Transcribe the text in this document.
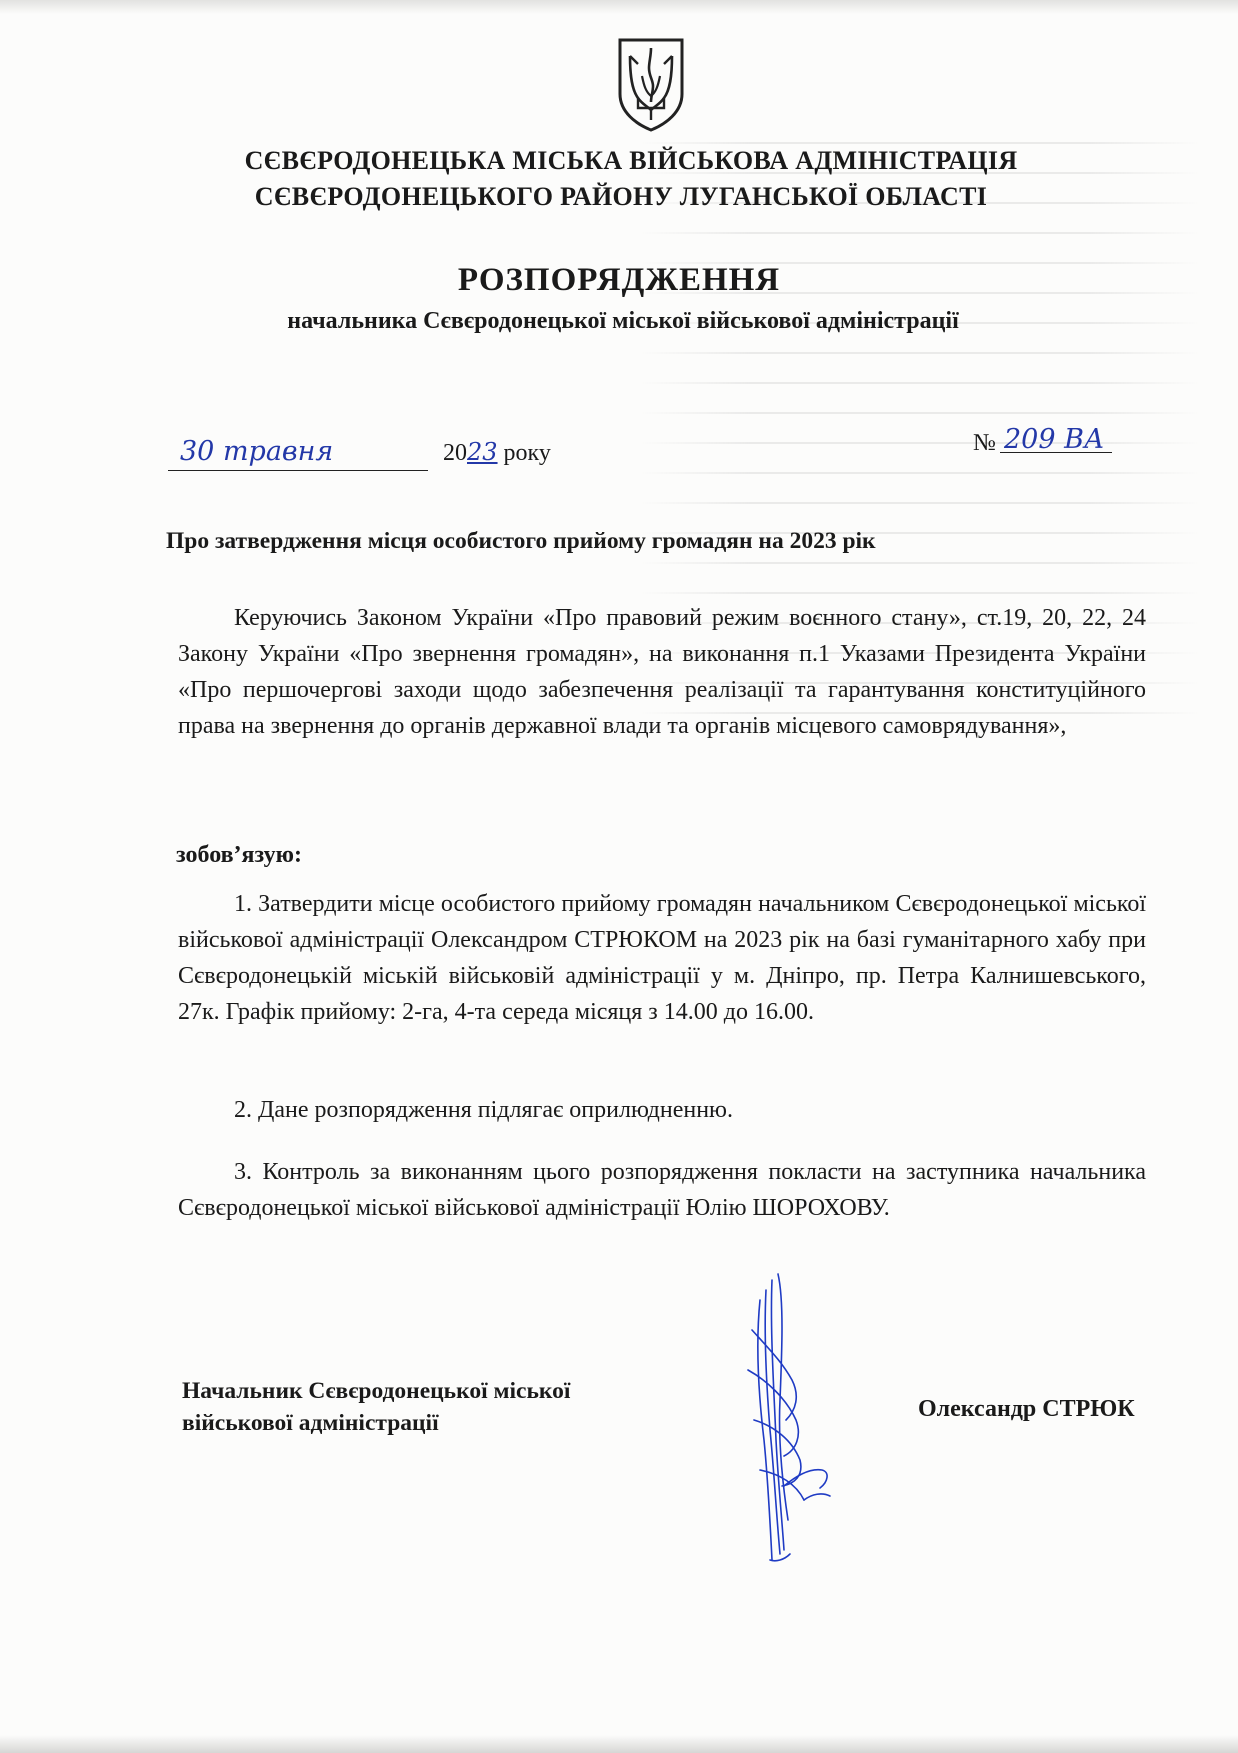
СЄВЄРОДОНЕЦЬКА МІСЬКА ВІЙСЬКОВА АДМІНІСТРАЦІЯ
СЄВЄРОДОНЕЦЬКОГО РАЙОНУ ЛУГАНСЬКОЇ ОБЛАСТІ
РОЗПОРЯДЖЕННЯ
начальника Сєвєродонецької міської військової адміністрації
30 травня	2023 року	№ 209 ВА
Про затвердження місця особистого прийому громадян на 2023 рік
Керуючись Законом України «Про правовий режим воєнного стану», ст.19, 20, 22, 24 Закону України «Про звернення громадян», на виконання п.1 Указами Президента України «Про першочергові заходи щодо забезпечення реалізації та гарантування конституційного права на звернення до органів державної влади та органів місцевого самоврядування»,
зобов’язую:
1. Затвердити місце особистого прийому громадян начальником Сєвєродонецької міської військової адміністрації Олександром СТРЮКОМ на 2023 рік на базі гуманітарного хабу при Сєвєродонецькій міській військовій адміністрації у м. Дніпро, пр. Петра Калнишевського, 27к. Графік прийому: 2-га, 4-та середа місяця з 14.00 до 16.00.
2. Дане розпорядження підлягає оприлюдненню.
3. Контроль за виконанням цього розпорядження покласти на заступника начальника Сєвєродонецької міської військової адміністрації Юлію ШОРОХОВУ.
Начальник Сєвєродонецької міської
військової адміністрації
Олександр СТРЮК
